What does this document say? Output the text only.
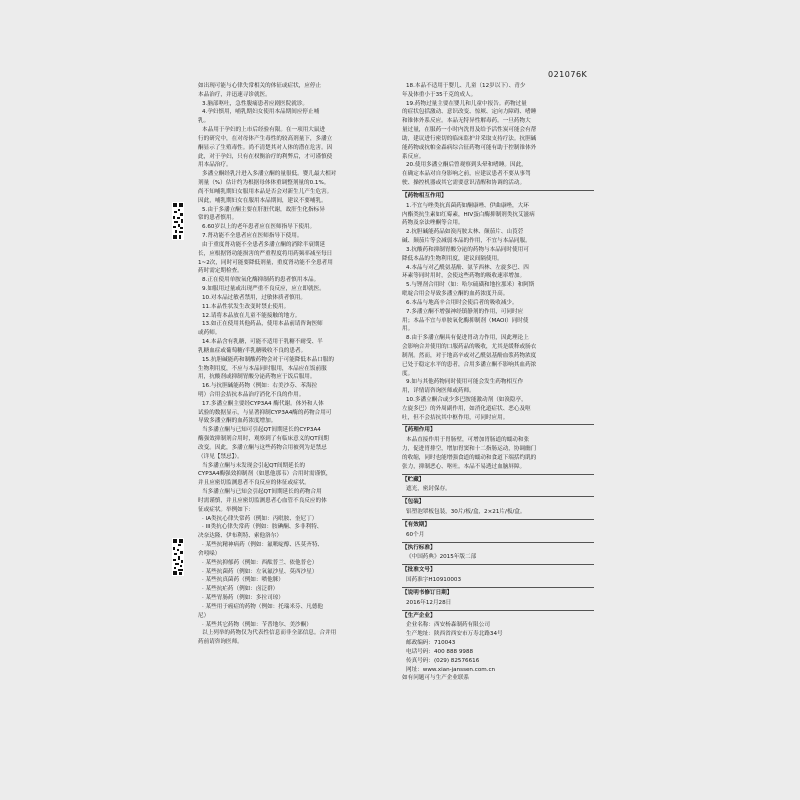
021076K
如出现可能与心律失常相关的体征或症状，应停止
本品治疗，并迅速寻诊就医。
3.脑部呕吐，急性腹痛患者应剧医院就诊。
4.孕妇慎用，哺乳期妇女使用本品期间应停止哺
乳。
本品用于孕妇的上市后经验有限。在一项用大鼠进
行的研究中，在对母体产生毒性的较高剂量下，多潘立
酮显示了生殖毒性。尚不清楚其对人体的潜在危害。因
此，对于孕妇，只有在权衡治疗的利弊后，才可谨慎使
用本品治疗。
多潘立酮经乳汁进入多潘立酮的量很低。婴儿最大相对
剂量（%）估计约为根据母体体重调整剂量的0.1%。
尚不知哺乳期妇女服用本品是否会对新生儿产生危害。
因此，哺乳期妇女在服用本品期间，建议不要哺乳。
5.由于多潘立酮主要在肝脏代谢，故肝生化指标异
常的患者慎用。
6.60岁以上的老年患者应在医师指导下使用。
7.肾功能不全患者应在医师指导下使用。
由于重度肾功能不全患者多潘立酮的消除半衰期延
长，应根据肾功能损害的严重程度将用药频率减至每日
1~2次，同时可能要降低剂量，重度肾功能不全患者用
药时需定期检查。
8.正在使用单胺氧化酶抑制药的患者慎用本品。
9.如服用过量或出现严重不良反应，应立即就医。
10.对本品过敏者禁用，过敏体质者慎用。
11.本品性状发生改变时禁止使用。
12.请将本品放在儿童不能接触的地方。
13.如正在使用其他药品，使用本品前请咨询医师
或药师。
14.本品含有乳糖，可能不适用于乳糖不耐受、半
乳糖血症或葡萄糖/半乳糖吸收不良的患者。
15.抗胆碱能药和制酸药物会对于可能降低本品口服的
生物利用度，不应与本品同时服用，本品应在饭前服
用，抗酸剂或抑制胃酸分泌药物应于饭后服用。
16.与抗胆碱能药物（例如：右美沙芬、苯海拉
明）合用会拮抗本品治疗消化不良的作用。
17.多潘立酮主要经CYP3A4 酶代谢。体外和人体
试验的数据显示，与显著抑制CYP3A4酶的药物合用可
导致多潘立酮的血药浓度增加。
当多潘立酮与已知可引起QT间期延长的CYP3A4
酶强效抑制剂合用时，观察到了有临床意义的QT间期
改变。因此，多潘立酮与这些药物合用被列为是禁忌
（详见【禁忌】）。
当多潘立酮与未发现会引起QT间期延长的
CYP3A4酶强效抑制剂（如恩他那韦）合用时需谨慎，
并且应密切监测患者不良反应的体征或症状。
当多潘立酮与已知会引起QT间期延长的药物合用
时需谨慎，并且应密切监测患者心血管不良反应的体
征或症状。举例如下：
· IA类抗心律失常药（例如：丙吡胺、奎尼丁）
· III类抗心律失常药（例如：胺碘酮、多非利特、
决奈达隆、伊布利特、索他洛尔）
· 某些抗精神病药（例如：氟哌啶醇、匹莫齐特、
舍吲哚）
· 某些抗抑郁药（例如：西酞普兰、依他普仑）
· 某些抗菌药（例如：左氧氟沙星、莫西沙星）
· 某些抗真菌药（例如：喷他脒）
· 某些抗疟药（例如：卤泛群）
· 某些胃肠药（例如：多拉司琼）
· 某些用于癌症的药物（例如：托瑞米芬、凡德他
尼）
· 某些其它药物（例如：苄普地尔、美沙酮）
以上列举的药物仅为代表性信息而非全部信息。合并用
药前请咨询医师。
18.本品不适用于婴儿、儿童（12岁以下）、青少
年及体重小于35千克的成人。
19.药物过量主要在婴儿和儿童中报告。药物过量
的症状包括激动、意识改变、惊厥、定向力障碍、嗜睡
和锥体外系反应。本品无特异性解毒药。一旦药物大
量过量，在服药一小时内洗胃及给予活性炭可能会有帮
助，建议进行密切的临床监护并采取支持疗法。抗胆碱
能药物或抗帕金森病综合征药物可能有助于控制锥体外
系反应。
20.使用多潘立酮后曾观察到头晕和嗜睡。因此，
在确定本品对自身影响之前，应建议患者不要从事驾
驶、操控机器或其它需要意识清醒和协调的活动。
【药物相互作用】
1.不宜与唑类抗真菌药如酮康唑、伊曲康唑，大环
内酯类抗生素如红霉素，HIV蛋白酶抑制剂类抗艾滋病
药物及奈法唑酮等合用。
2.抗胆碱能药品如溴丙胺太林、颠茄片、山莨菪
碱、颠茄片等会减弱本品的作用，不宜与本品同服。
3.抗酸药和抑制胃酸分泌的药物与本品同时使用可
降低本品的生物利用度，建议间隔使用。
4.本品与对乙酰氨基酚、氨苄西林、左旋多巴、四
环素等同时用时，会使这些药物的吸收速率增加。
5.与锂剂合用时（如：哈尔硫磺和地拉那米）和阿斯
吡啶合用会导致多潘立酮的血药浓度升高。
6.本品与地高辛合用时会使后者的吸收减少。
7.多潘立酮不增强神经镇静剂的作用，可同时应
用；本品不宜与单胺氧化酶抑制剂（MAOI）同时使
用。
8.由于多潘立酮具有促进胃动力作用，因此理论上
会影响合并使用的口服药品的吸收，尤其是缓释或肠衣
制剂。然而，对于地高辛或对乙酰氨基酚血浆药物浓度
已处于稳定水平的患者，合用多潘立酮不影响其血药浓
度。
9.如与其他药物同时使用可能会发生药物相互作
用，详情请咨询医师或药师。
10.多潘立酮合或少多巴胺能激动剂（如溴隐亭，
左旋多巴）的外周副作用，如消化道症状、恶心及呕
吐，但不会拮抗其中枢作用，可同时应用。
【药理作用】
本品直接作用于胃肠壁，可增加胃肠道的蠕动和张
力，促进胃排空，增加胃窦和十二指肠运动，协调幽门
的收缩，同时也能增强食道的蠕动和食道下端括约肌的
张力，抑制恶心、呕吐。本品不易透过血脑屏障。
【贮藏】
遮光，密封保存。
【包装】
铝塑泡罩板包装，30片/板/盒，2×21片/板/盒。
【有效期】
60个月
【执行标准】
《中国药典》2015年版二部
【批准文号】
国药准字H10910003
【说明书修订日期】
2016年12月28日
【生产企业】
企业名称：西安杨森制药有限公司
生产地址：陕西省西安市万寿北路34号
邮政编码：710043
电话号码：400 888 9988
传真号码：(029) 82576616
网址：www.xian-janssen.com.cn
如有问题可与生产企业联系
